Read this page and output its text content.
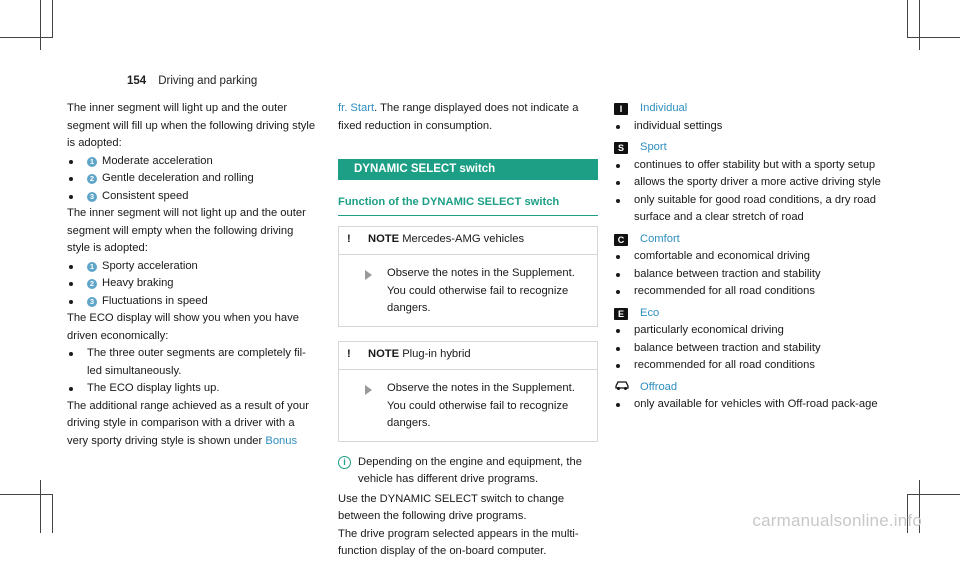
154 Driving and parking

The inner segment will light up and the outer segment will fill up when the following driving style is adopted:

1 Moderate acceleration
2 Gentle deceleration and rolling
3 Consistent speed

The inner segment will not light up and the outer segment will empty when the following driving style is adopted:

1 Sporty acceleration
2 Heavy braking
3 Fluctuations in speed

The ECO display will show you when you have driven economically:

The three outer segments are completely fil-led simultaneously.
The ECO display lights up.

The additional range achieved as a result of your driving style in comparison with a driver with a very sporty driving style is shown under Bonus

fr. Start. The range displayed does not indicate a fixed reduction in consumption.

DYNAMIC SELECT switch
Function of the DYNAMIC SELECT switch
! NOTE Mercedes-AMG vehicles
Observe the notes in the Supplement. You could otherwise fail to recognize dangers.
! NOTE Plug-in hybrid
Observe the notes in the Supplement. You could otherwise fail to recognize dangers.
i	Depending on the engine and equipment, the vehicle has different drive programs.

Use the DYNAMIC SELECT switch to change between the following drive programs.

The drive program selected appears in the multi-function display of the on-board computer.

I Individual
individual settings
S Sport
continues to offer stability but with a sporty setup
allows the sporty driver a more active driving style
only suitable for good road conditions, a dry road surface and a clear stretch of road
C Comfort
comfortable and economical driving
balance between traction and stability
recommended for all road conditions
E Eco
particularly economical driving
balance between traction and stability
recommended for all road conditions
Offroad
only available for vehicles with Off-road pack-age
carmanualsonline.info
